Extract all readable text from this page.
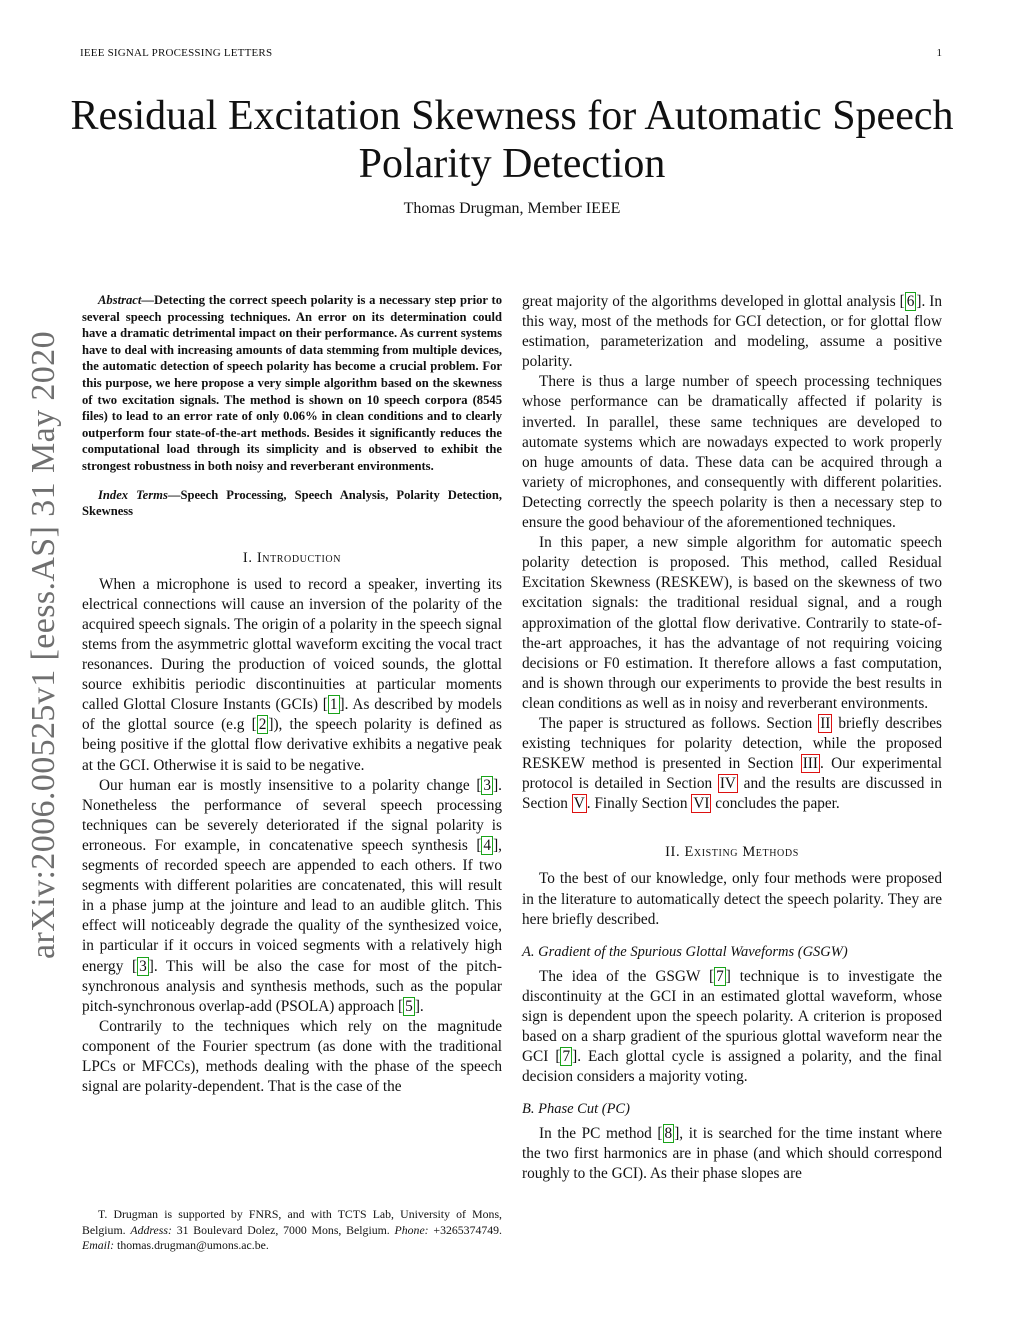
IEEE SIGNAL PROCESSING LETTERS	1
Residual Excitation Skewness for Automatic Speech Polarity Detection
Thomas Drugman, Member IEEE
arXiv:2006.00525v1 [eess.AS] 31 May 2020

Abstract—Detecting the correct speech polarity is a necessary step prior to several speech processing techniques. An error on its determination could have a dramatic detrimental impact on their performance. As current systems have to deal with increasing amounts of data stemming from multiple devices, the automatic detection of speech polarity has become a crucial problem. For this purpose, we here propose a very simple algorithm based on the skewness of two excitation signals. The method is shown on 10 speech corpora (8545 files) to lead to an error rate of only 0.06% in clean conditions and to clearly outperform four state-of-the-art methods. Besides it significantly reduces the computational load through its simplicity and is observed to exhibit the strongest robustness in both noisy and reverberant environments.

Index Terms—Speech Processing, Speech Analysis, Polarity Detection, Skewness

I. Introduction

When a microphone is used to record a speaker, inverting its electrical connections will cause an inversion of the polarity of the acquired speech signals. The origin of a polarity in the speech signal stems from the asymmetric glottal waveform exciting the vocal tract resonances. During the production of voiced sounds, the glottal source exhibitis periodic discontinuities at particular moments called Glottal Closure Instants (GCIs) [ 1 ]. As described by models of the glottal source (e.g [ 2 ]), the speech polarity is defined as being positive if the glottal flow derivative exhibits a negative peak at the GCI. Otherwise it is said to be negative.

Our human ear is mostly insensitive to a polarity change [ 3 ]. Nonetheless the performance of several speech processing techniques can be severely deteriorated if the signal polarity is erroneous. For example, in concatenative speech synthesis [ 4 ], segments of recorded speech are appended to each others. If two segments with different polarities are concatenated, this will result in a phase jump at the jointure and lead to an audible glitch. This effect will noticeably degrade the quality of the synthesized voice, in particular if it occurs in voiced segments with a relatively high energy [ 3 ]. This will be also the case for most of the pitch-synchronous analysis and synthesis methods, such as the popular pitch-synchronous overlap-add (PSOLA) approach [ 5 ].

Contrarily to the techniques which rely on the magnitude component of the Fourier spectrum (as done with the traditional LPCs or MFCCs), methods dealing with the phase of the speech signal are polarity-dependent. That is the case of the

T. Drugman is supported by FNRS, and with TCTS Lab, University of Mons, Belgium. Address: 31 Boulevard Dolez, 7000 Mons, Belgium. Phone: +3265374749. Email: thomas.drugman@umons.ac.be.

great majority of the algorithms developed in glottal analysis [ 6 ]. In this way, most of the methods for GCI detection, or for glottal flow estimation, parameterization and modeling, assume a positive polarity.

There is thus a large number of speech processing techniques whose performance can be dramatically affected if polarity is inverted. In parallel, these same techniques are developed to automate systems which are nowadays expected to work properly on huge amounts of data. These data can be acquired through a variety of microphones, and consequently with different polarities. Detecting correctly the speech polarity is then a necessary step to ensure the good behaviour of the aforementioned techniques.

In this paper, a new simple algorithm for automatic speech polarity detection is proposed. This method, called Residual Excitation Skewness (RESKEW), is based on the skewness of two excitation signals: the traditional residual signal, and a rough approximation of the glottal flow derivative. Contrarily to state-of-the-art approaches, it has the advantage of not requiring voicing decisions or F0 estimation. It therefore allows a fast computation, and is shown through our experiments to provide the best results in clean conditions as well as in noisy and reverberant environments.

The paper is structured as follows. Section II briefly describes existing techniques for polarity detection, while the proposed RESKEW method is presented in Section III . Our experimental protocol is detailed in Section IV and the results are discussed in Section V . Finally Section VI concludes the paper.

II. Existing Methods

To the best of our knowledge, only four methods were proposed in the literature to automatically detect the speech polarity. They are here briefly described.

A. Gradient of the Spurious Glottal Waveforms (GSGW)

The idea of the GSGW [ 7 ] technique is to investigate the discontinuity at the GCI in an estimated glottal waveform, whose sign is dependent upon the speech polarity. A criterion is proposed based on a sharp gradient of the spurious glottal waveform near the GCI [ 7 ]. Each glottal cycle is assigned a polarity, and the final decision considers a majority voting.

B. Phase Cut (PC)

In the PC method [ 8 ], it is searched for the time instant where the two first harmonics are in phase (and which should correspond roughly to the GCI). As their phase slopes are
